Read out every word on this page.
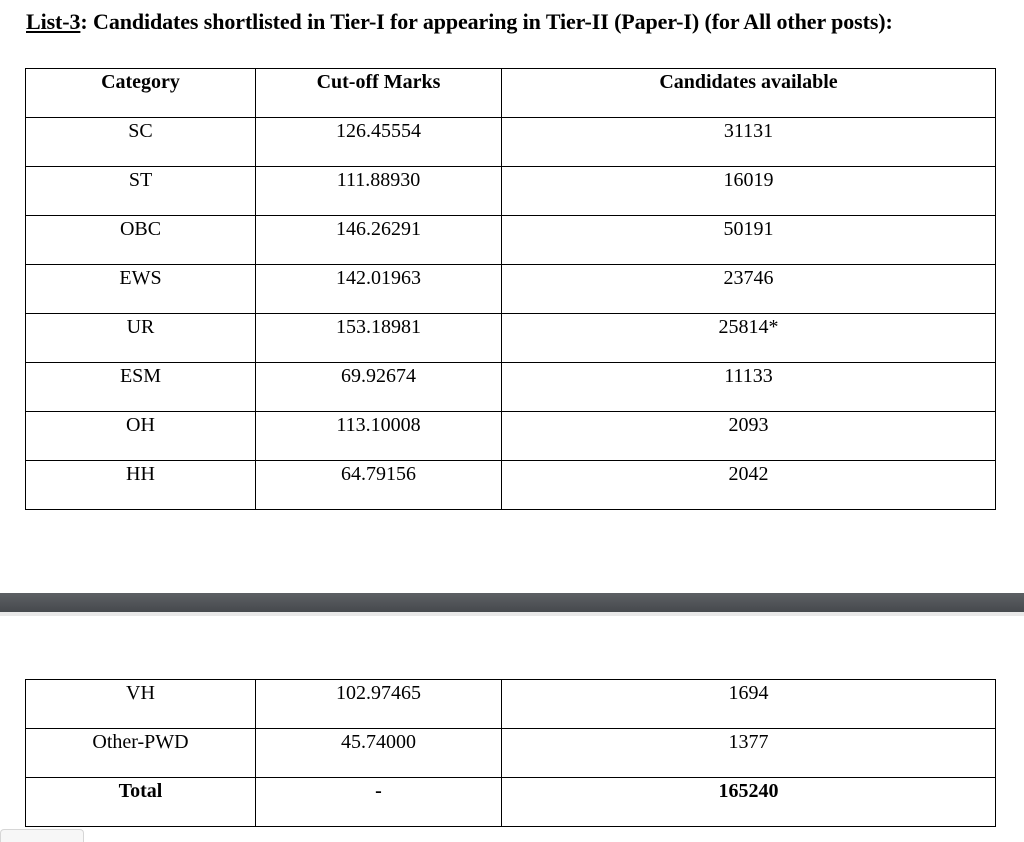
List-3: Candidates shortlisted in Tier-I for appearing in Tier-II (Paper-I) (for All other posts):
Category	Cut-off Marks	Candidates available

SC	126.45554	31131

ST	111.88930	16019

OBC	146.26291	50191

EWS	142.01963	23746

UR	153.18981	25814*

ESM	69.92674	11133

OH	113.10008	2093

HH	64.79156	2042
VH	102.97465	1694

Other-PWD	45.74000	1377

Total	-	165240
